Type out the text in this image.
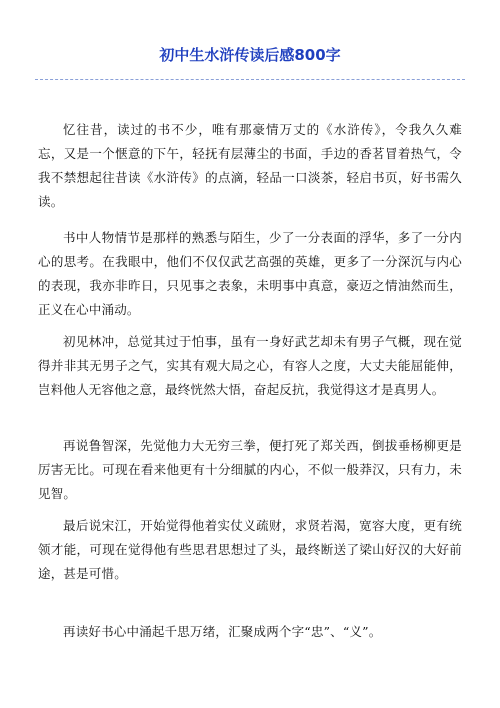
初中生水浒传读后感800字

忆往昔，读过的书不少，唯有那豪情万丈的《水浒传》，令我久久难忘，又是一个惬意的下午，轻抚有层薄尘的书面，手边的香茗冒着热气，令我不禁想起往昔读《水浒传》的点滴，轻品一口淡茶，轻启书页，好书需久读。

书中人物情节是那样的熟悉与陌生，少了一分表面的浮华，多了一分内心的思考。在我眼中，他们不仅仅武艺高强的英雄，更多了一分深沉与内心的表现，我亦非昨日，只见事之表象，未明事中真意，豪迈之情油然而生，正义在心中涌动。

初见林冲，总觉其过于怕事，虽有一身好武艺却未有男子气概，现在觉得并非其无男子之气，实其有观大局之心，有容人之度，大丈夫能屈能伸，岂料他人无容他之意，最终恍然大悟，奋起反抗，我觉得这才是真男人。

再说鲁智深，先觉他力大无穷三拳，便打死了郑关西，倒拔垂杨柳更是厉害无比。可现在看来他更有十分细腻的内心，不似一般莽汉，只有力，未见智。

最后说宋江，开始觉得他着实仗义疏财，求贤若渴，宽容大度，更有统领才能，可现在觉得他有些思君思想过了头，最终断送了梁山好汉的大好前途，甚是可惜。

再读好书心中涌起千思万绪，汇聚成两个字“忠”、“义”。
